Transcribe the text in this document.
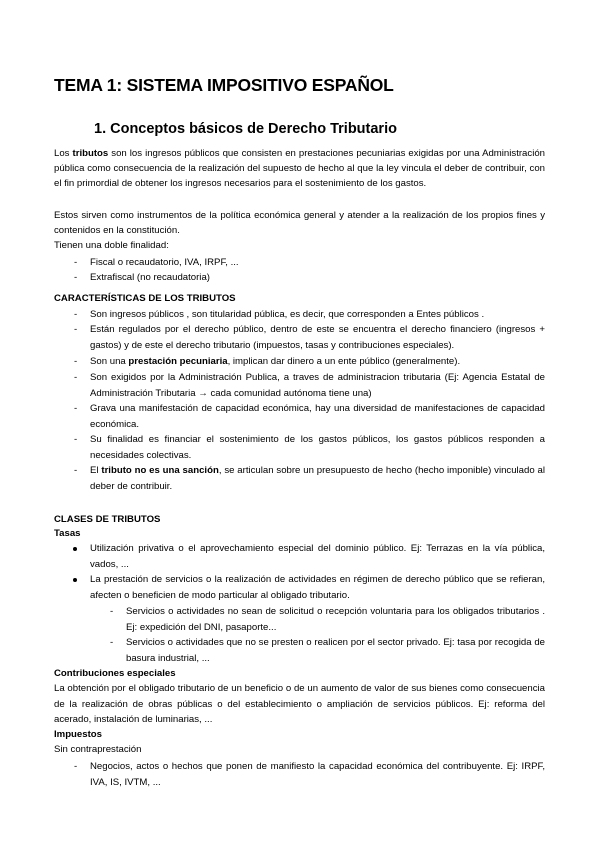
TEMA 1: SISTEMA IMPOSITIVO ESPAÑOL
1. Conceptos básicos de Derecho Tributario

Los tributos son los ingresos públicos que consisten en prestaciones pecuniarias exigidas por una Administración pública como consecuencia de la realización del supuesto de hecho al que la ley vincula el deber de contribuir, con el fin primordial de obtener los ingresos necesarios para el sostenimiento de los gastos.

Estos sirven como instrumentos de la política económica general y atender a la realización de los propios fines y contenidos en la constitución.

Tienen una doble finalidad:

- Fiscal o recaudatorio, IVA, IRPF, ...

- Extrafiscal (no recaudatoria)

CARACTERÍSTICAS DE LOS TRIBUTOS

- Son ingresos públicos , son titularidad pública, es decir, que corresponden a Entes públicos .
- Están regulados por el derecho público, dentro de este se encuentra el derecho financiero (ingresos + gastos) y de este el derecho tributario (impuestos, tasas y contribuciones especiales).
- Son una prestación pecuniaria, implican dar dinero a un ente público (generalmente).
- Son exigidos por la Administración Publica, a traves de administracion tributaria (Ej: Agencia Estatal de Administración Tributaria → cada comunidad autónoma tiene una)
- Grava una manifestación de capacidad económica, hay una diversidad de manifestaciones de capacidad económica.
- Su finalidad es financiar el sostenimiento de los gastos públicos, los gastos públicos responden a necesidades colectivas.
- El tributo no es una sanción, se articulan sobre un presupuesto de hecho (hecho imponible) vinculado al deber de contribuir.

CLASES DE TRIBUTOS

Tasas

Utilización privativa o el aprovechamiento especial del dominio público. Ej: Terrazas en la vía pública, vados, ...
La prestación de servicios o la realización de actividades en régimen de derecho público que se refieran, afecten o beneficien de modo particular al obligado tributario.
- Servicios o actividades no sean de solicitud o recepción voluntaria para los obligados tributarios . Ej: expedición del DNI, pasaporte...
- Servicios o actividades que no se presten o realicen por el sector privado. Ej: tasa por recogida de basura industrial, ...

Contribuciones especiales

La obtención por el obligado tributario de un beneficio o de un aumento de valor de sus bienes como consecuencia de la realización de obras públicas o del establecimiento o ampliación de servicios públicos. Ej: reforma del acerado, instalación de luminarias, ...

Impuestos

Sin contraprestación

- Negocios, actos o hechos que ponen de manifiesto la capacidad económica del contribuyente. Ej: IRPF, IVA, IS, IVTM, ...
